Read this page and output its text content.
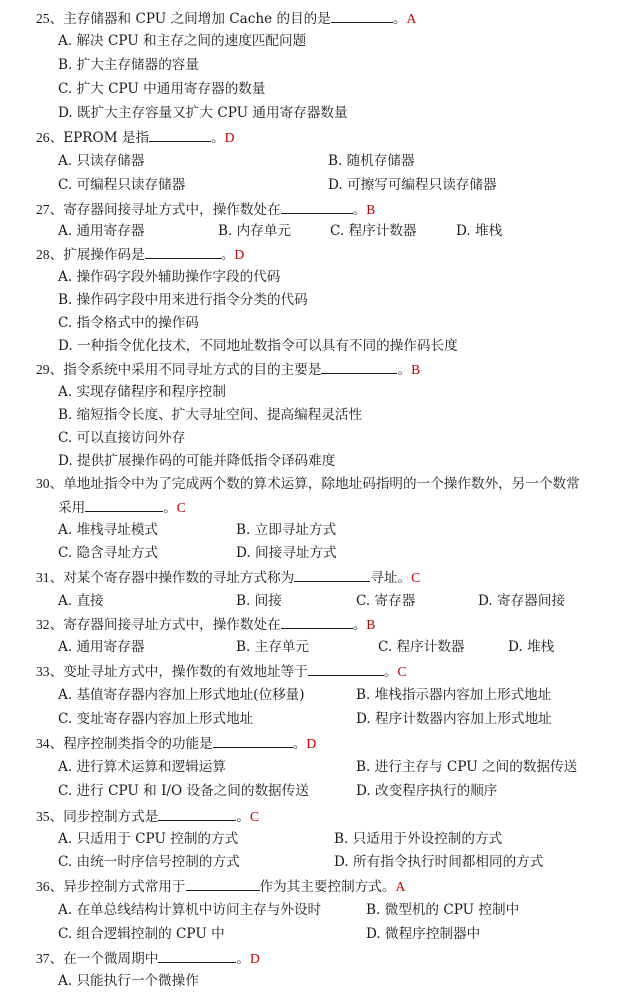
25、主存储器和 CPU 之间增加 Cache 的目的是	。A
A. 解决 CPU 和主存之间的速度匹配问题
B. 扩大主存储器的容量
C. 扩大 CPU 中通用寄存器的数量
D. 既扩大主存容量又扩大 CPU 通用寄存器数量
26、EPROM 是指	。D
A. 只读存储器	B. 随机存储器
C. 可编程只读存储器	D. 可擦写可编程只读存储器
27、寄存器间接寻址方式中，操作数处在	。B
A. 通用寄存器	B. 内存单元	C. 程序计数器	D. 堆栈
28、扩展操作码是	。D
A. 操作码字段外辅助操作字段的代码
B. 操作码字段中用来进行指令分类的代码
C. 指令格式中的操作码
D. 一种指令优化技术，不同地址数指令可以具有不同的操作码长度
29、指令系统中采用不同寻址方式的目的主要是	。B
A. 实现存储程序和程序控制
B. 缩短指令长度、扩大寻址空间、提高编程灵活性
C. 可以直接访问外存
D. 提供扩展操作码的可能并降低指令译码难度
30、单地址指令中为了完成两个数的算术运算，除地址码指明的一个操作数外，另一个数常
采用	。C
A. 堆栈寻址模式	B. 立即寻址方式
C. 隐含寻址方式	D. 间接寻址方式
31、对某个寄存器中操作数的寻址方式称为	寻址。C
A. 直接	B. 间接	C. 寄存器	D. 寄存器间接
32、寄存器间接寻址方式中，操作数处在	。B
A. 通用寄存器	B. 主存单元	C. 程序计数器	D. 堆栈
33、变址寻址方式中，操作数的有效地址等于	。C
A. 基值寄存器内容加上形式地址(位移量)	B. 堆栈指示器内容加上形式地址
C. 变址寄存器内容加上形式地址	D. 程序计数器内容加上形式地址
34、程序控制类指令的功能是	。D
A. 进行算术运算和逻辑运算	B. 进行主存与 CPU 之间的数据传送
C. 进行 CPU 和 I/O 设备之间的数据传送	D. 改变程序执行的顺序
35、同步控制方式是	。C
A. 只适用于 CPU 控制的方式	B. 只适用于外设控制的方式
C. 由统一时序信号控制的方式	D. 所有指令执行时间都相同的方式
36、异步控制方式常用于	作为其主要控制方式。A
A. 在单总线结构计算机中访问主存与外设时	B. 微型机的 CPU 控制中
C. 组合逻辑控制的 CPU 中	D. 微程序控制器中
37、在一个微周期中	。D
A. 只能执行一个微操作
